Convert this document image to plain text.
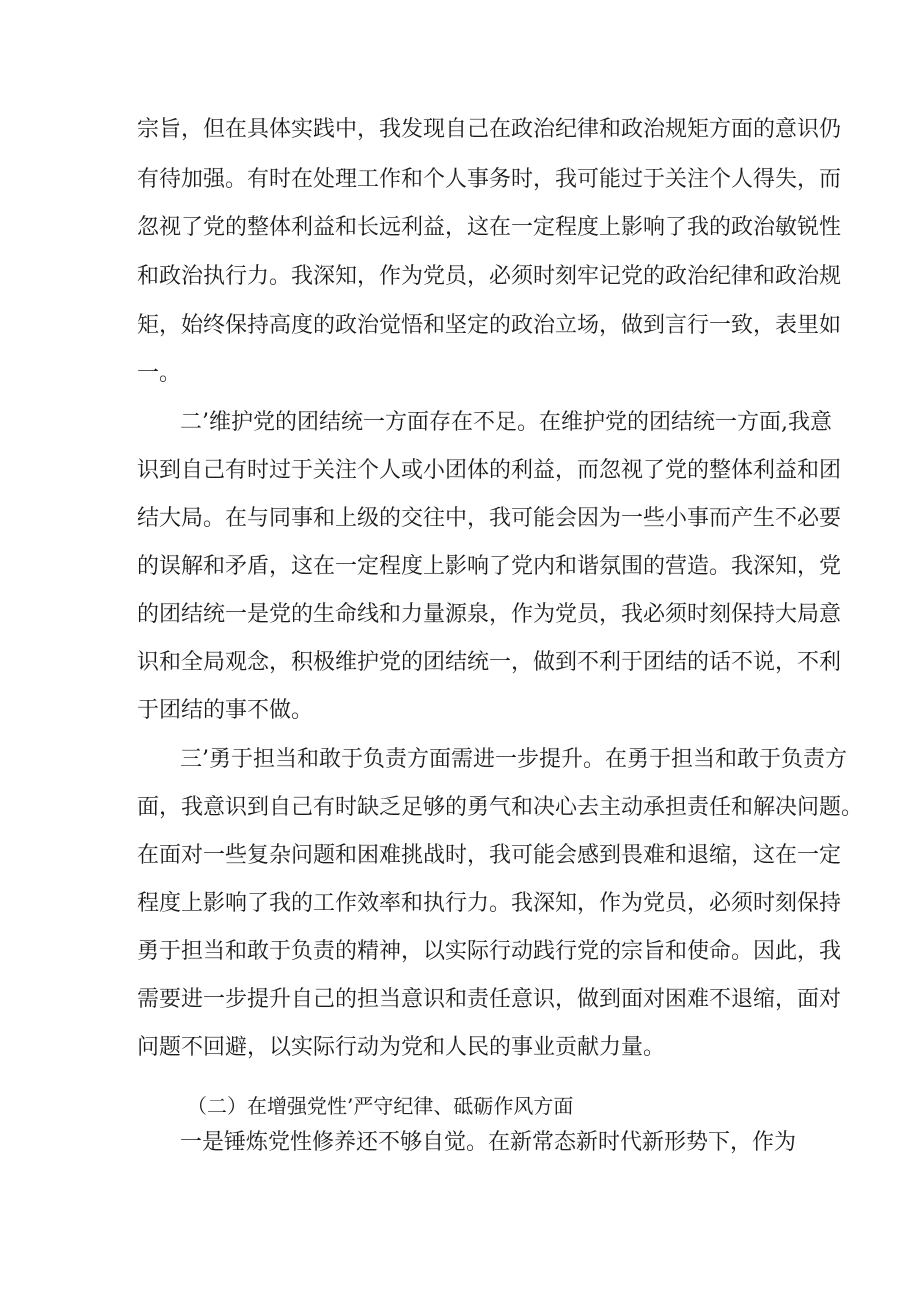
宗旨，但在具体实践中，我发现自己在政治纪律和政治规矩方面的意识仍
有待加强。有时在处理工作和个人事务时，我可能过于关注个人得失，而
忽视了党的整体利益和长远利益，这在一定程度上影响了我的政治敏锐性
和政治执行力。我深知，作为党员，必须时刻牢记党的政治纪律和政治规
矩，始终保持高度的政治觉悟和坚定的政治立场，做到言行一致，表里如
一。
二’维护党的团结统一方面存在不足。在维护党的团结统一方面,我意
识到自己有时过于关注个人或小团体的利益，而忽视了党的整体利益和团
结大局。在与同事和上级的交往中，我可能会因为一些小事而产生不必要
的误解和矛盾，这在一定程度上影响了党内和谐氛围的营造。我深知，党
的团结统一是党的生命线和力量源泉，作为党员，我必须时刻保持大局意
识和全局观念，积极维护党的团结统一，做到不利于团结的话不说，不利
于团结的事不做。
三’勇于担当和敢于负责方面需进一步提升。在勇于担当和敢于负责方
面，我意识到自己有时缺乏足够的勇气和决心去主动承担责任和解决问题。
在面对一些复杂问题和困难挑战时，我可能会感到畏难和退缩，这在一定
程度上影响了我的工作效率和执行力。我深知，作为党员，必须时刻保持
勇于担当和敢于负责的精神，以实际行动践行党的宗旨和使命。因此，我
需要进一步提升自己的担当意识和责任意识，做到面对困难不退缩，面对
问题不回避，以实际行动为党和人民的事业贡献力量。
（二）在增强党性’严守纪律、砥砺作风方面
一是锤炼党性修养还不够自觉。在新常态新时代新形势下，作为
